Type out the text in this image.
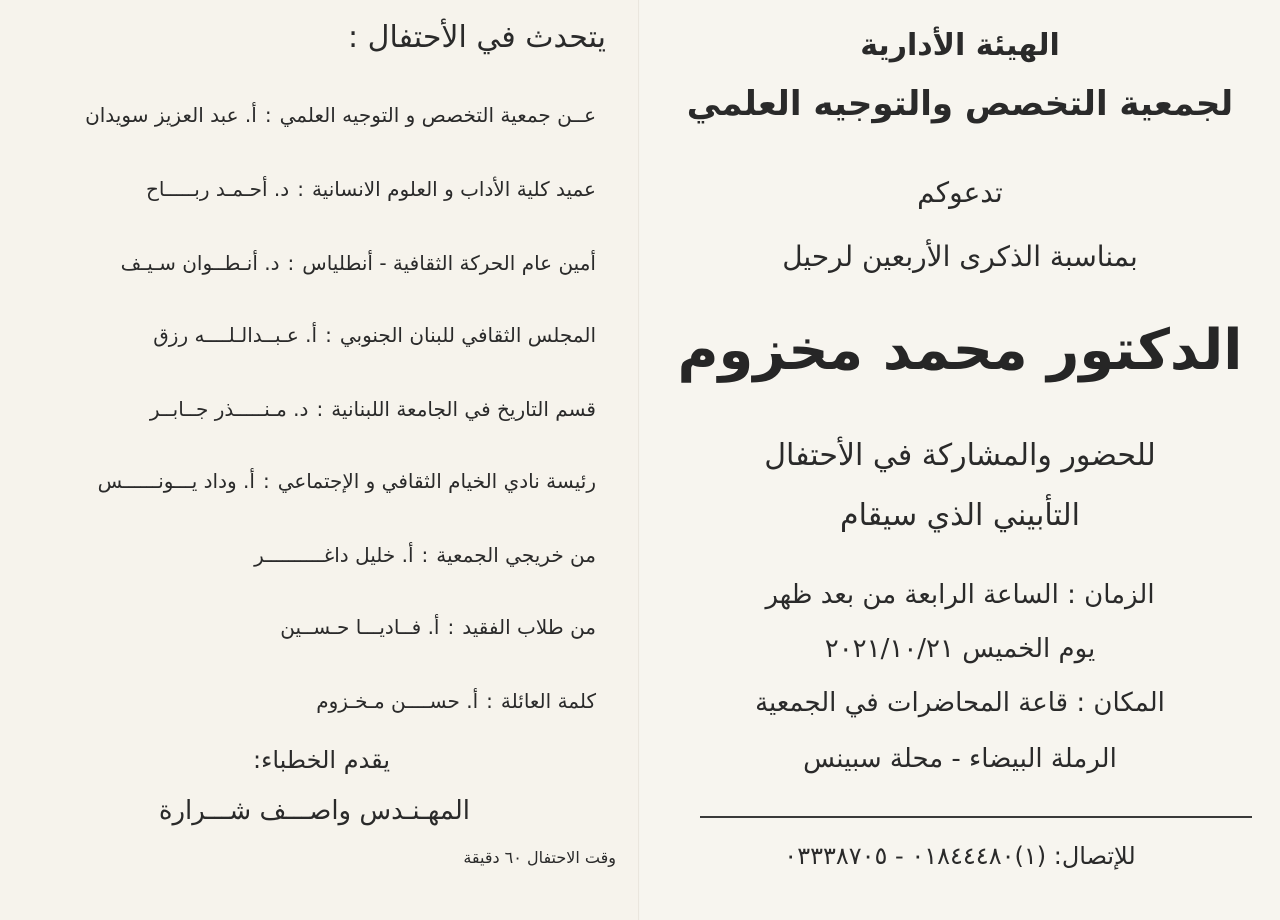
يتحدث في الأحتفال :
أ. عبد العزيز سويدان : عــن جمعية التخصص و التوجيه العلمي
د. أحـمـد ربـــــاح : عميد كلية الأداب و العلوم الانسانية
د. أنـطــوان سـيـف : أمين عام الحركة الثقافية - أنطلياس
أ. عـبــدالـلــــه رزق : المجلس الثقافي للبنان الجنوبي
د. مـنـــــذر جــابــر : قسم التاريخ في الجامعة اللبنانية
أ. وداد يـــونــــــس : رئيسة نادي الخيام الثقافي و الإجتماعي
أ. خليل داغــــــــــر : من خريجي الجمعية
أ. فــاديـــا حـســين : من طلاب الفقيد
أ. حســــن مـخـزوم : كلمة العائلة
يقدم الخطباء:
المهـنـدس واصـــف شـــرارة
وقت الاحتفال ٦٠ دقيقة
الهيئة الأدارية
لجمعية التخصص والتوجيه العلمي
تدعوكم
بمناسبة الذكرى الأربعين لرحيل
الدكتور محمد مخزوم
للحضور والمشاركة في الأحتفال
التأبيني الذي سيقام
الزمان : الساعة الرابعة من بعد ظهر
يوم الخميس ٢٠٢١/١٠/٢١
المكان : قاعة المحاضرات في الجمعية
الرملة البيضاء - محلة سبينس
للإتصال: (١)٠١٨٤٤٤٨٠ - ٠٣٣٣٨٧٠٥
